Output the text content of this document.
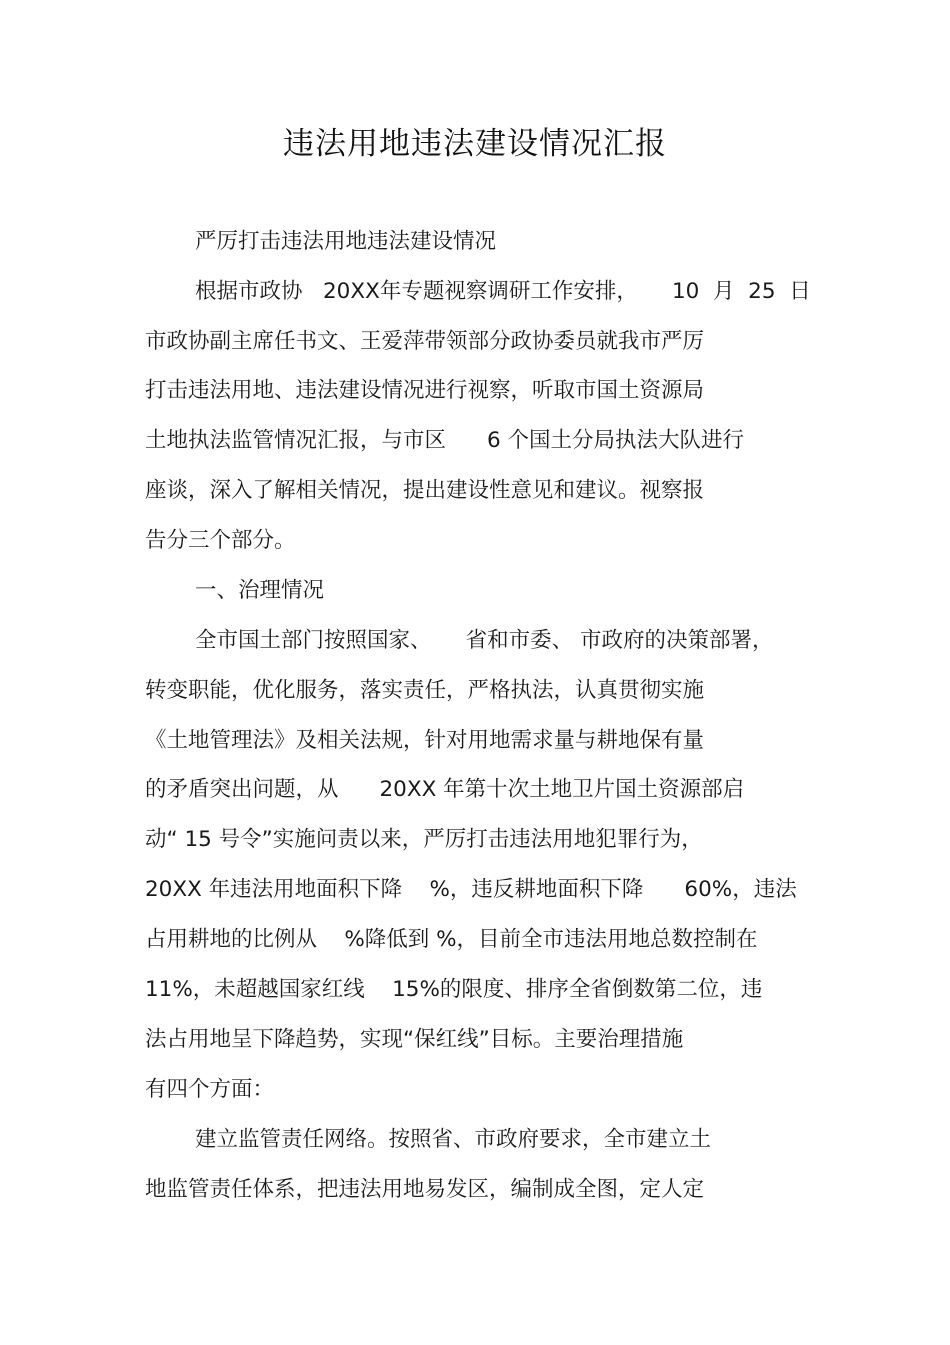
违法用地违法建设情况汇报
严厉打击违法用地违法建设情况
根据市政协   20XX年专题视察调研工作安排，     10  月  25  日
市政协副主席任书文、王爱萍带领部分政协委员就我市严厉
打击违法用地、违法建设情况进行视察，听取市国土资源局
土地执法监管情况汇报，与市区      6 个国土分局执法大队进行
座谈，深入了解相关情况，提出建设性意见和建议。视察报
告分三个部分。
一、治理情况
全市国土部门按照国家、     省和市委、 市政府的决策部署，
转变职能，优化服务，落实责任，严格执法，认真贯彻实施
《土地管理法》及相关法规，针对用地需求量与耕地保有量
的矛盾突出问题，从      20XX 年第十次土地卫片国土资源部启
动“ 15 号令”实施问责以来，严厉打击违法用地犯罪行为，
20XX 年违法用地面积下降    %，违反耕地面积下降      60%，违法
占用耕地的比例从    %降低到 %，目前全市违法用地总数控制在
11%，未超越国家红线    15%的限度、排序全省倒数第二位，违
法占用地呈下降趋势，实现“保红线”目标。主要治理措施
有四个方面：
建立监管责任网络。按照省、市政府要求，全市建立土
地监管责任体系，把违法用地易发区，编制成全图，定人定
